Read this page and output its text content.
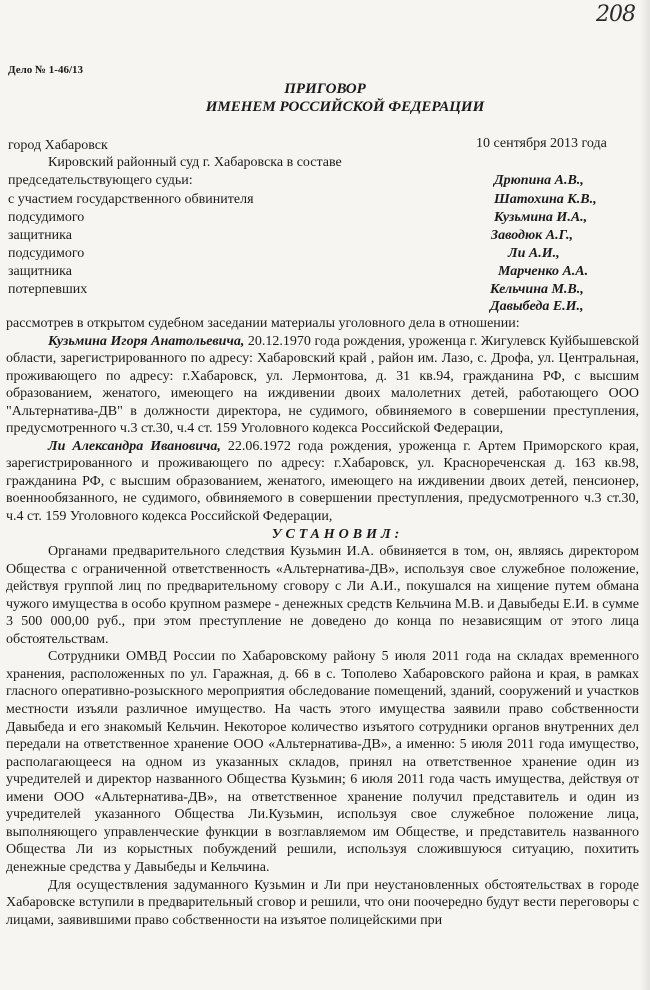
208
Дело № 1-46/13
ПРИГОВОР
ИМЕНЕМ РОССИЙСКОЙ ФЕДЕРАЦИИ
город Хабаровск	10 сентября 2013 года
Кировский районный суд г. Хабаровска в составе
председательствующего судьи:	Дрюпина А.В.,
с участием государственного обвинителя	Шатохина К.В.,
подсудимого	Кузьмина И.А.,
защитника	Заводюк А.Г.,
подсудимого	Ли А.И.,
защитника	Марченко А.А.
потерпевших	Кельчина М.В.,
Давыбеда Е.И.,

рассмотрев в открытом судебном заседании материалы уголовного дела в отношении:

Кузьмина Игоря Анатольевича, 20.12.1970 года рождения, уроженца г. Жигулевск Куйбышевской области, зарегистрированного по адресу: Хабаровский край , район им. Лазо, с. Дрофа, ул. Центральная, проживающего по адресу: г.Хабаровск, ул. Лермонтова, д. 31 кв.94, гражданина РФ, с высшим образованием, женатого, имеющего на иждивении двоих малолетних детей, работающего ООО "Альтернатива-ДВ" в должности директора, не судимого, обвиняемого в совершении преступления, предусмотренного ч.3 ст.30, ч.4 ст. 159 Уголовного кодекса Российской Федерации,

Ли Александра Ивановича, 22.06.1972 года рождения, уроженца г. Артем Приморского края, зарегистрированного и проживающего по адресу: г.Хабаровск, ул. Краснореченская д. 163 кв.98, гражданина РФ, с высшим образованием, женатого, имеющего на иждивении двоих детей, пенсионер, военнообязанного, не судимого, обвиняемого в совершении преступления, предусмотренного ч.3 ст.30, ч.4 ст. 159 Уголовного кодекса Российской Федерации,

УСТАНОВИЛ:

Органами предварительного следствия Кузьмин И.А. обвиняется в том, он, являясь директором Общества с ограниченной ответственность «Альтернатива-ДВ», используя свое служебное положение, действуя группой лиц по предварительному сговору с Ли А.И., покушался на хищение путем обмана чужого имущества в особо крупном размере - денежных средств Кельчина М.В. и Давыбеды Е.И. в сумме 3 500 000,00 руб., при этом преступление не доведено до конца по независящим от этого лица обстоятельствам.

Сотрудники ОМВД России по Хабаровскому району 5 июля 2011 года на складах временного хранения, расположенных по ул. Гаражная, д. 66 в с. Тополево Хабаровского района и края, в рамках гласного оперативно-розыскного мероприятия обследование помещений, зданий, сооружений и участков местности изъяли различное имущество. На часть этого имущества заявили право собственности Давыбеда и его знакомый Кельчин. Некоторое количество изъятого сотрудники органов внутренних дел передали на ответственное хранение ООО «Альтернатива-ДВ», а именно: 5 июля 2011 года имущество, располагающееся на одном из указанных складов, принял на ответственное хранение один из учредителей и директор названного Общества Кузьмин; 6 июля 2011 года часть имущества, действуя от имени ООО «Альтернатива-ДВ», на ответственное хранение получил представитель и один из учредителей указанного Общества Ли.Кузьмин, используя свое служебное положение лица, выполняющего управленческие функции в возглавляемом им Обществе, и представитель названного Общества Ли из корыстных побуждений решили, используя сложившуюся ситуацию, похитить денежные средства у Давыбеды и Кельчина.

Для осуществления задуманного Кузьмин и Ли при неустановленных обстоятельствах в городе Хабаровске вступили в предварительный сговор и решили, что они поочередно будут вести переговоры с лицами, заявившими право собственности на изъятое полицейскими при
